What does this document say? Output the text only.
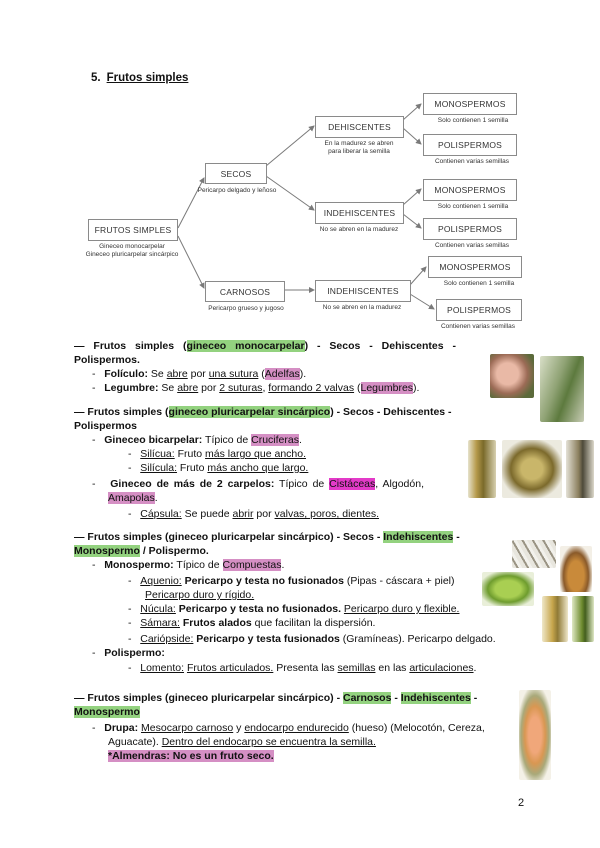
5. Frutos simples
FRUTOS SIMPLES
Gineceo monocarpelar
Gineceo pluricarpelar sincárpico
SECOS
Pericarpo delgado y leñoso
CARNOSOS
Pericarpo grueso y jugoso
DEHISCENTES
En la madurez se abren
para liberar la semilla
INDEHISCENTES
No se abren en la madurez
INDEHISCENTES
No se abren en la madurez
MONOSPERMOS
Solo contienen 1 semilla
POLISPERMOS
Contienen varias semillas
MONOSPERMOS
Solo contienen 1 semilla
POLISPERMOS
Contienen varias semillas
MONOSPERMOS
Solo contienen 1 semilla
POLISPERMOS
Contienen varias semillas
— Frutos simples (gineceo monocarpelar) - Secos - Dehiscentes -
Polispermos.
-   Folículo: Se abre por una sutura (Adelfas).
-   Legumbre: Se abre por 2 suturas, formando 2 valvas (Legumbres).
— Frutos simples (gineceo pluricarpelar sincárpico) - Secos - Dehiscentes -
Polispermos
-   Gineceo bicarpelar: Típico de Cruciferas.
-   Silícua: Fruto más largo que ancho.
-   Silícula: Fruto más ancho que largo.
-   Gineceo de más de 2 carpelos: Típico de Cistáceas, Algodón,
Amapolas.
-   Cápsula: Se puede abrir por valvas, poros, dientes.
— Frutos simples (gineceo pluricarpelar sincárpico) - Secos - Indehiscentes -
Monospermo / Polispermo.
-   Monospermo: Típico de Compuestas.
-   Aquenio: Pericarpo y testa no fusionados (Pipas - cáscara + piel)
Pericarpo duro y rígido.
-   Núcula: Pericarpo y testa no fusionados. Pericarpo duro y flexible.
-   Sámara: Frutos alados que facilitan la dispersión.
-   Cariópside: Pericarpo y testa fusionados (Gramíneas). Pericarpo delgado.
-   Polispermo:
-   Lomento: Frutos articulados. Presenta las semillas en las articulaciones.
— Frutos simples (gineceo pluricarpelar sincárpico) - Carnosos - Indehiscentes -
Monospermo
-   Drupa: Mesocarpo carnoso y endocarpo endurecido (hueso) (Melocotón, Cereza,
Aguacate). Dentro del endocarpo se encuentra la semilla.
*Almendras: No es un fruto seco.
2
